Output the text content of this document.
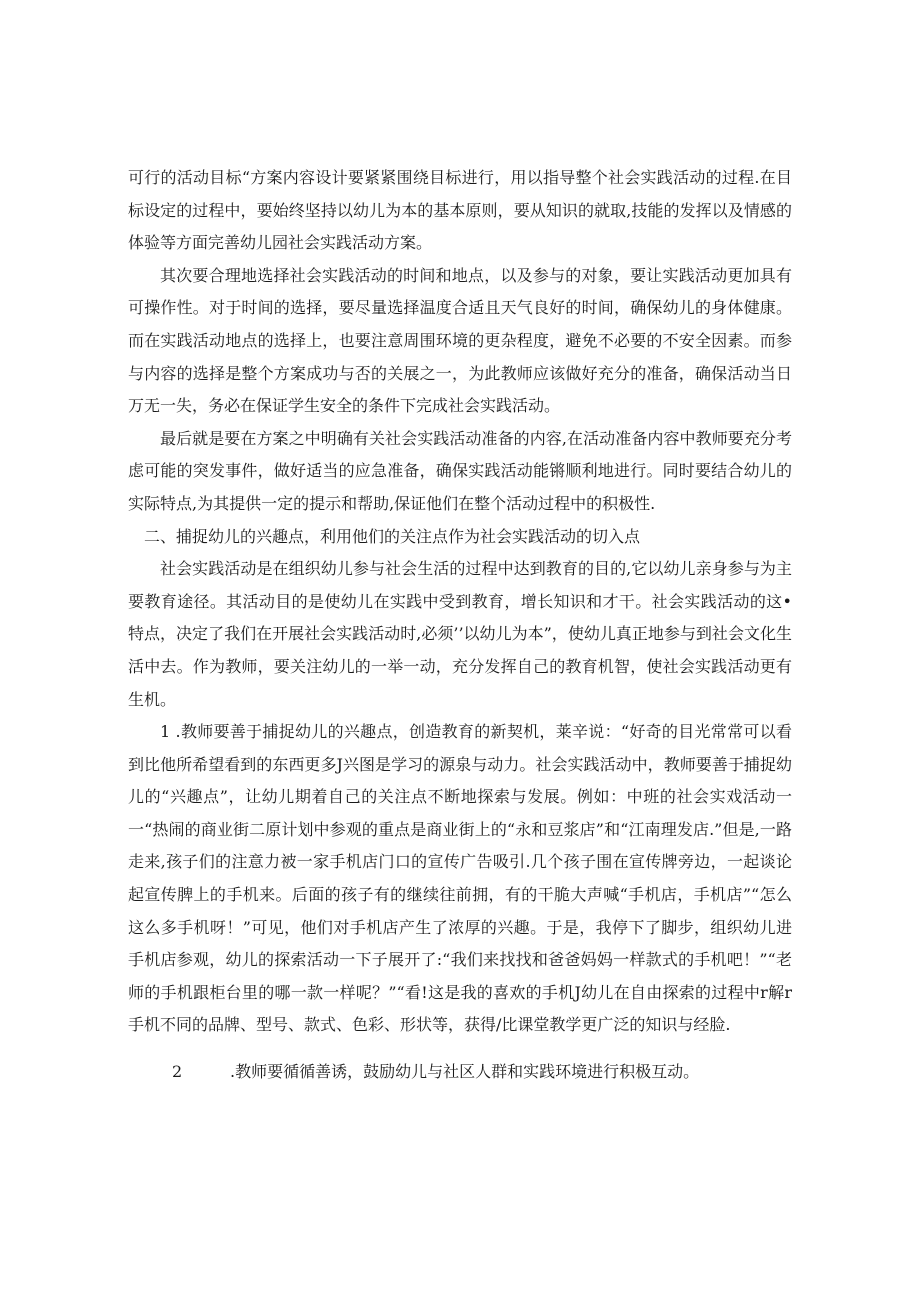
可行的活动目标“方案内容设计要紧紧围绕目标进行，用以指导整个社会实践活动的过程.在目标设定的过程中，要始终坚持以幼儿为本的基本原则，要从知识的就取,技能的发挥以及情感的体验等方面完善幼儿园社会实践活动方案。

其次要合理地选择社会实践活动的时间和地点，以及参与的对象，要让实践活动更加具有可操作性。对于时间的选择，要尽量选择温度合适且天气良好的时间，确保幼儿的身体健康。而在实践活动地点的选择上，也要注意周围环境的更杂程度，避免不必要的不安全因素。而参与内容的选择是整个方案成功与否的关展之一，为此教师应该做好充分的准备，确保活动当日万无一失，务必在保证学生安全的条件下完成社会实践活动。

最后就是要在方案之中明确有关社会实践活动准备的内容,在活动准备内容中教师要充分考虑可能的突发事件，做好适当的应急准备，确保实践活动能锵顺利地进行。同时要结合幼儿的实际特点,为其提供一定的提示和帮助,保证他们在整个活动过程中的积极性.

二、捕捉幼儿的兴趣点，利用他们的关注点作为社会实践活动的切入点

社会实践活动是在组织幼儿参与社会生活的过程中达到教育的目的,它以幼儿亲身参与为主要教育途径。其活动目的是使幼儿在实践中受到教育，增长知识和才干。社会实践活动的这•特点，决定了我们在开展社会实践活动时,必须’’以幼儿为本”，使幼儿真正地参与到社会文化生活中去。作为教师，要关注幼儿的一举一动，充分发挥自己的教育机智，使社会实践活动更有生机。

1 .教师要善于捕捉幼儿的兴趣点，创造教育的新契机，莱辛说：“好奇的目光常常可以看到比他所希望看到的东西更多J兴图是学习的源泉与动力。社会实践活动中，教师要善于捕捉幼儿的“兴趣点”，让幼儿期着自己的关注点不断地探索与发展。例如：中班的社会实戏活动一一“热闹的商业街二原计划中参观的重点是商业街上的“永和豆浆店”和“江南理发店.”但是,一路走来,孩子们的注意力被一家手机店门口的宣传广告吸引.几个孩子围在宣传牌旁边，一起谈论起宣传脾上的手机来。后面的孩子有的继续往前拥，有的干脆大声喊“手机店，手机店”“怎么这么多手机呀！”可见，他们对手机店产生了浓厚的兴趣。于是，我停下了脚步，组织幼儿进手机店参观，幼儿的探索活动一下子展开了:“我们来找找和爸爸妈妈一样款式的手机吧！”“老师的手机跟柜台里的哪一款一样呢？”“看!这是我的喜欢的手机J幼儿在自由探索的过程中r解r手机不同的品牌、型号、款式、色彩、形状等，获得/比课堂教学更广泛的知识与经脸.

2	.教师要循循善诱，鼓励幼儿与社区人群和实践环境进行积极互动。
